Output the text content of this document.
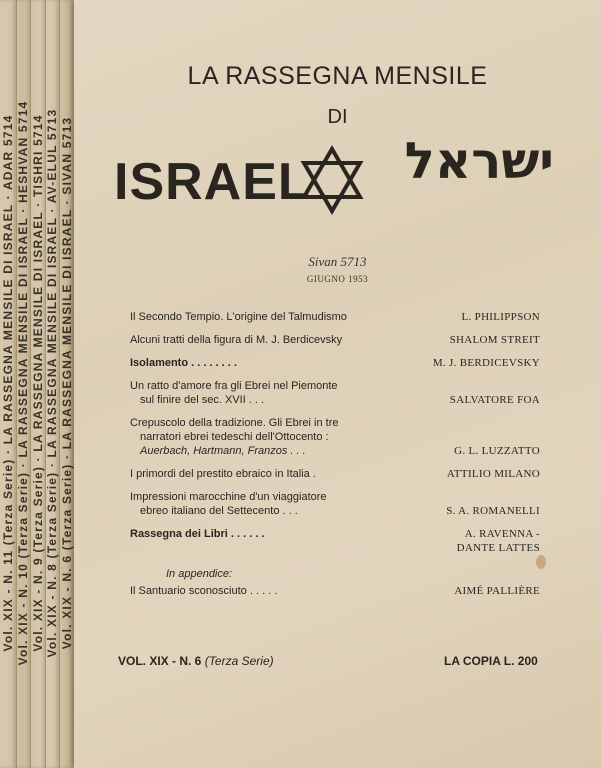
Vol. XIX - N. 11 (Terza Serie) · LA RASSEGNA MENSILE DI ISRAEL · ADAR 5714 Vol. XIX - N. 10 (Terza Serie) · LA RASSEGNA MENSILE DI ISRAEL · HESHVAN 5714 Vol. XIX - N. 9 (Terza Serie) · LA RASSEGNA MENSILE DI ISRAEL · TISHRI 5714 Vol. XIX - N. 8 (Terza Serie) · LA RASSEGNA MENSILE DI ISRAEL · AV-ELUL 5713 Vol. XIX - N. 6 (Terza Serie) · LA RASSEGNA MENSILE DI ISRAEL · SIVAN 5713
LA RASSEGNA MENSILE
DI
ISRAEL	ישראל
Sivan 5713
GIUGNO 1953
Il Secondo Tempio. L'origine del Talmudismo	L. PHILIPPSON
Alcuni tratti della figura di M. J. Berdicevsky	SHALOM STREIT
Isolamento . . . . . . . .	M. J. BERDICEVSKY
Un ratto d'amore fra gli Ebrei nel Piemonte
sul finire del sec. XVII . . .	SALVATORE FOA
Crepuscolo della tradizione. Gli Ebrei in tre
narratori ebrei tedeschi dell'Ottocento :
Auerbach, Hartmann, Franzos . . .	G. L. LUZZATTO
I primordi del prestito ebraico in Italia .	ATTILIO MILANO
Impressioni marocchine d'un viaggiatore
ebreo italiano del Settecento . . .	S. A. ROMANELLI
Rassegna dei Libri . . . . . .	A. RAVENNA -
DANTE LATTES
In appendice:
Il Santuario sconosciuto . . . . .	AIMÉ PALLIÈRE
VOL. XIX - N. 6 (Terza Serie)	LA COPIA L. 200
